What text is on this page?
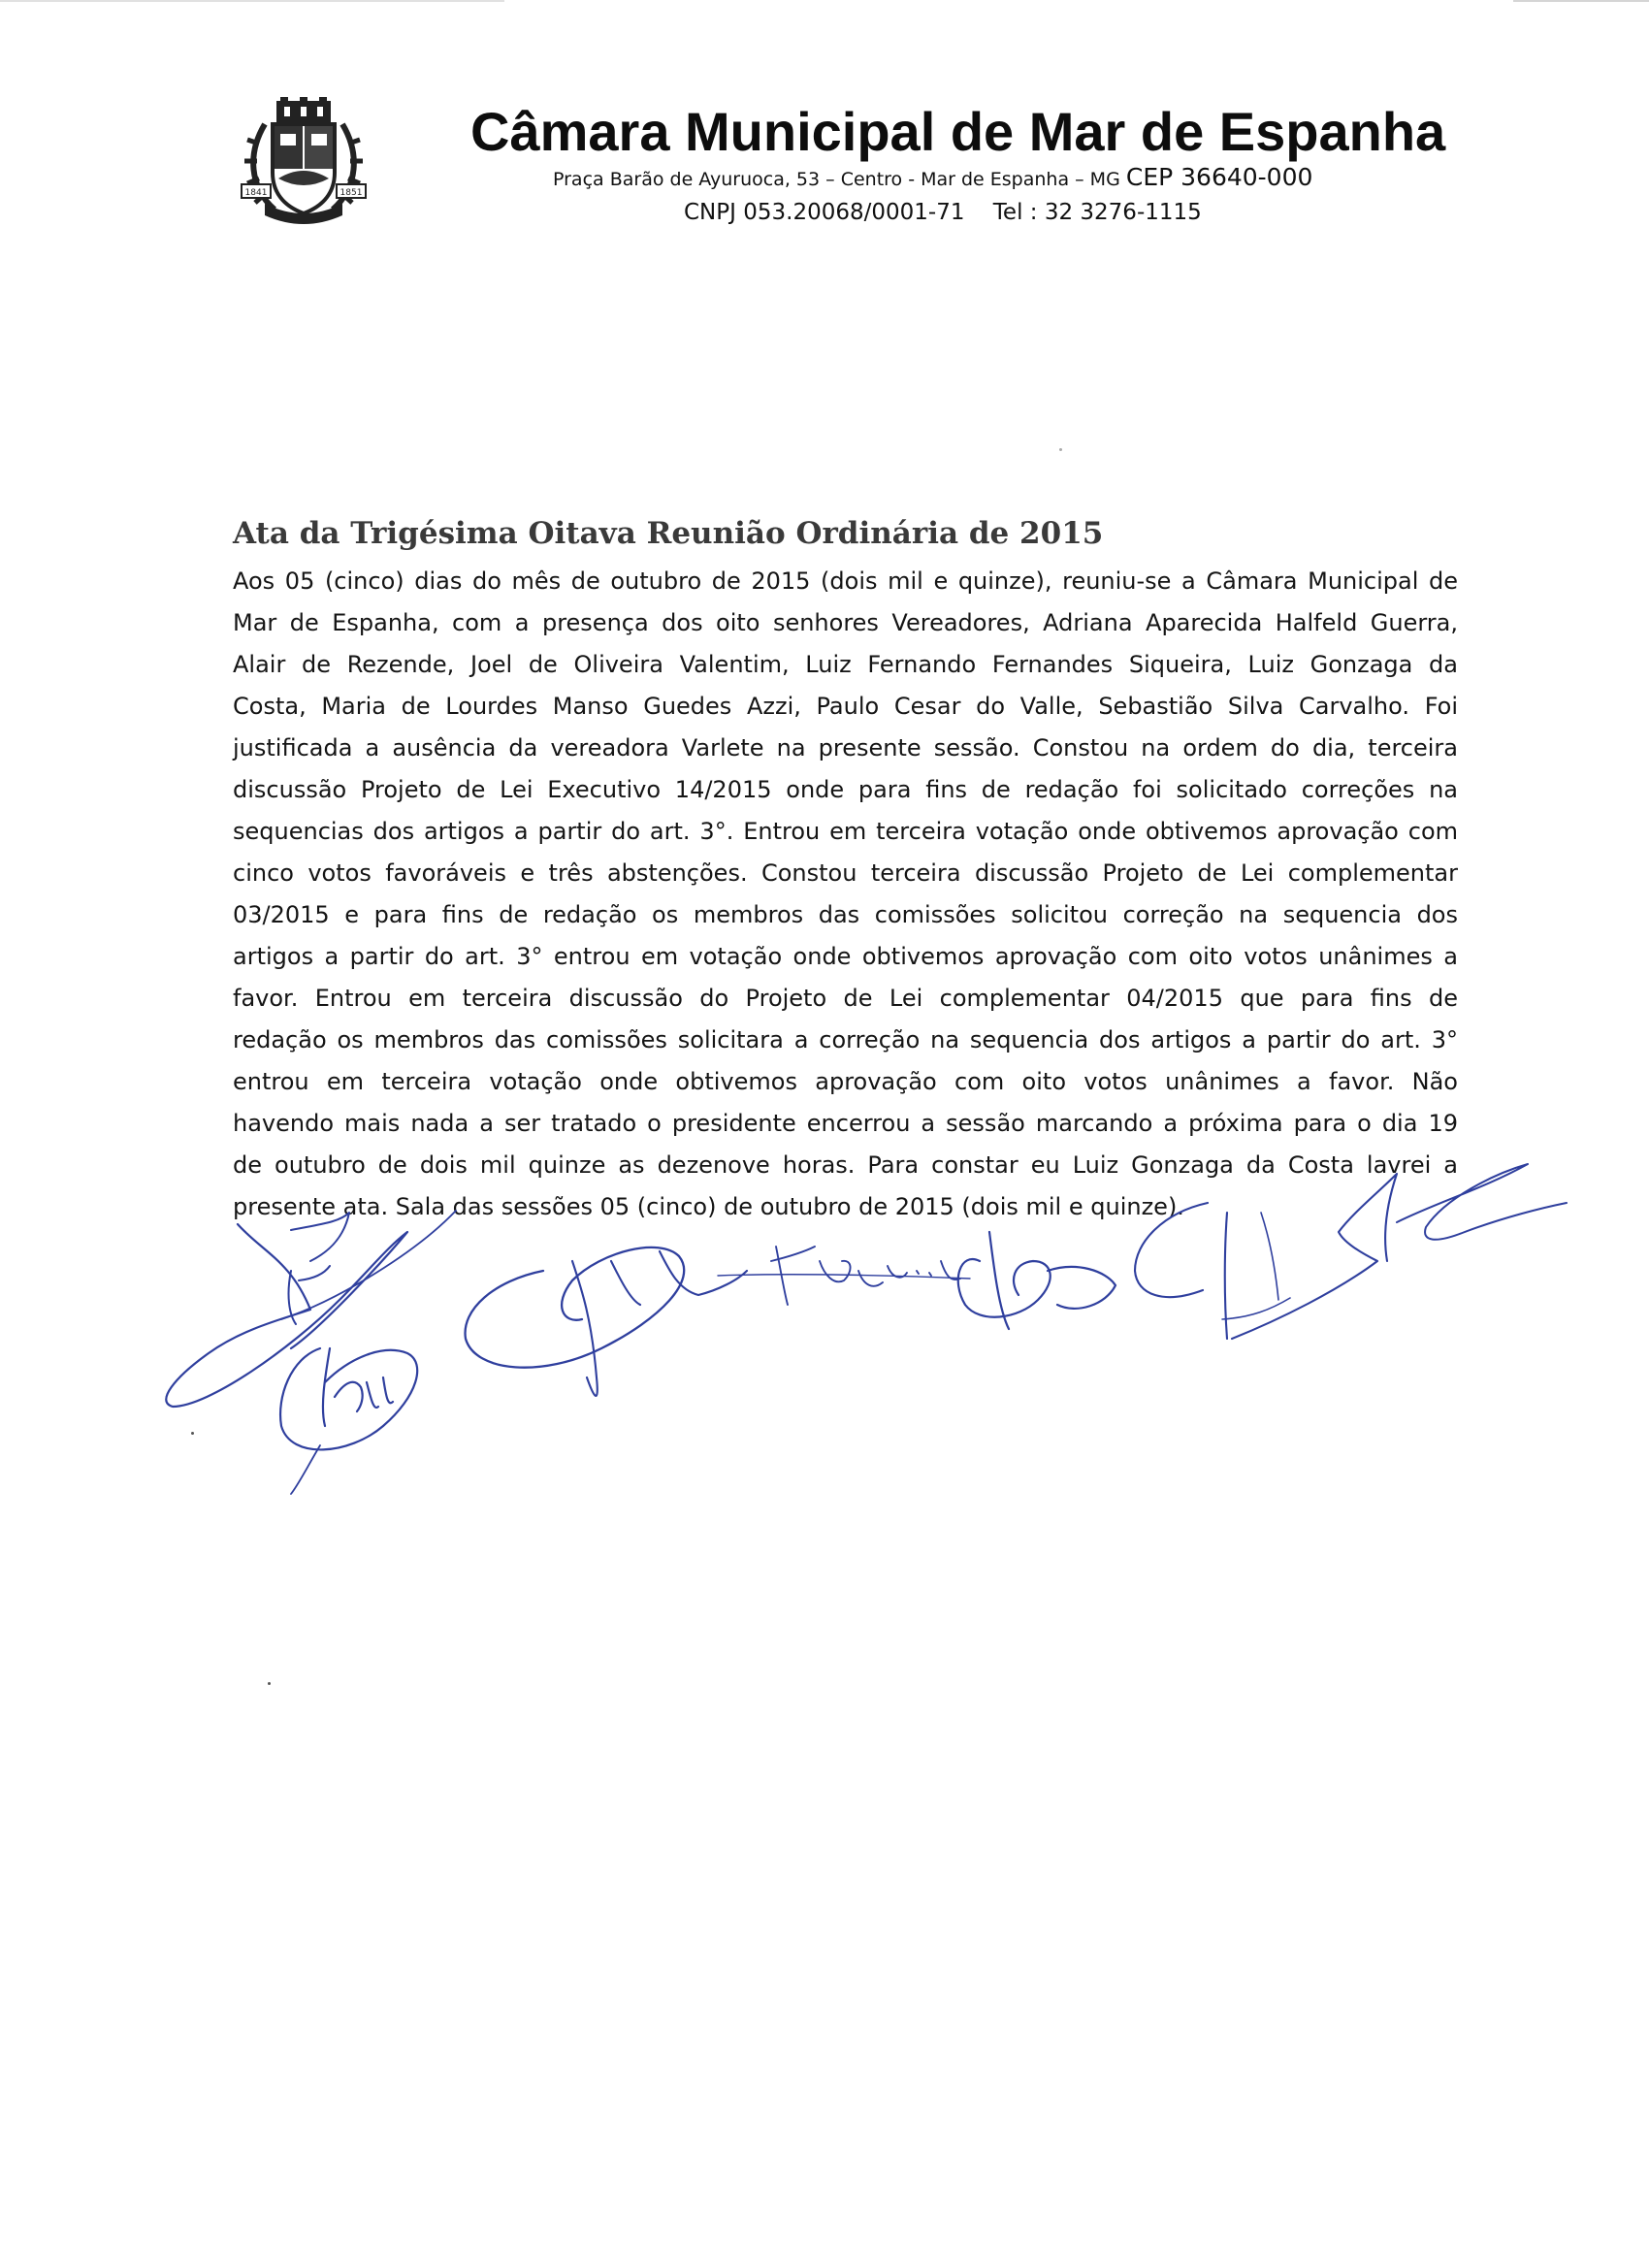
1841	1851
Câmara Municipal de Mar de Espanha
Praça Barão de Ayuruoca, 53 – Centro - Mar de Espanha – MG CEP 36640-000
CNPJ 053.20068/0001-71 Tel : 32 3276-1115
Ata da Trigésima Oitava Reunião Ordinária de 2015
Aos 05 (cinco) dias do mês de outubro de 2015 (dois mil e quinze), reuniu-se a Câmara Municipal de
Mar de Espanha, com a presença dos oito senhores Vereadores, Adriana Aparecida Halfeld Guerra,
Alair de Rezende, Joel de Oliveira Valentim, Luiz Fernando Fernandes Siqueira, Luiz Gonzaga da
Costa, Maria de Lourdes Manso Guedes Azzi, Paulo Cesar do Valle, Sebastião Silva Carvalho. Foi
justificada a ausência da vereadora Varlete na presente sessão. Constou na ordem do dia, terceira
discussão Projeto de Lei Executivo 14/2015 onde para fins de redação foi solicitado correções na
sequencias dos artigos a partir do art. 3°. Entrou em terceira votação onde obtivemos aprovação com
cinco votos favoráveis e três abstenções. Constou terceira discussão Projeto de Lei complementar
03/2015 e para fins de redação os membros das comissões solicitou correção na sequencia dos
artigos a partir do art. 3° entrou em votação onde obtivemos aprovação com oito votos unânimes a
favor. Entrou em terceira discussão do Projeto de Lei complementar 04/2015 que para fins de
redação os membros das comissões solicitara a correção na sequencia dos artigos a partir do art. 3°
entrou em terceira votação onde obtivemos aprovação com oito votos unânimes a favor. Não
havendo mais nada a ser tratado o presidente encerrou a sessão marcando a próxima para o dia 19
de outubro de dois mil quinze as dezenove horas. Para constar eu Luiz Gonzaga da Costa lavrei a
presente ata. Sala das sessões 05 (cinco) de outubro de 2015 (dois mil e quinze).
